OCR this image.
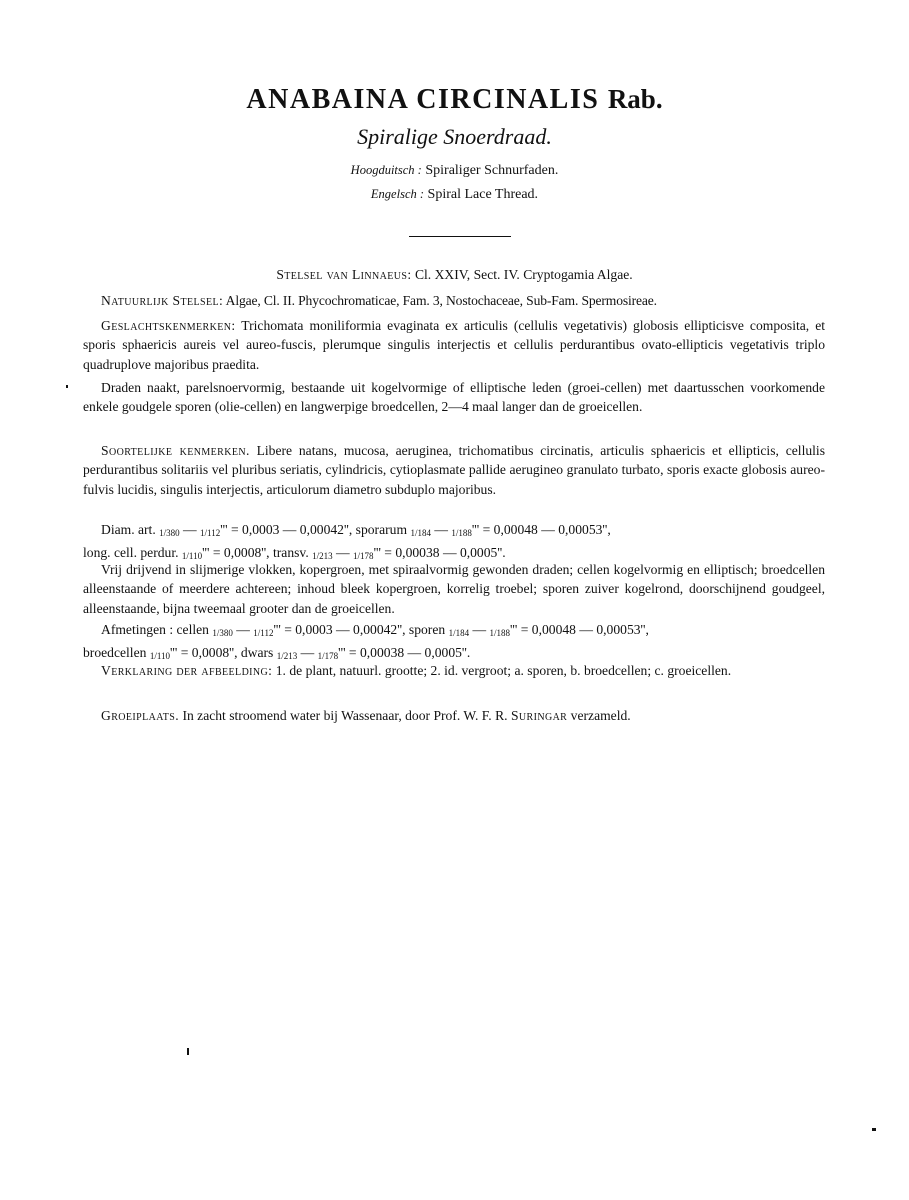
ANABAINA CIRCINALIS Rab.
Spiralige Snoerdraad.
Hoogduitsch : Spiraliger Schnurfaden.
Engelsch : Spiral Lace Thread.
Stelsel van Linnaeus: Cl. XXIV, Sect. IV. Cryptogamia Algae.

Natuurlijk Stelsel: Algae, Cl. II. Phycochromaticae, Fam. 3, Nostochaceae, Sub-Fam. Spermosireae.

Geslachtskenmerken: Trichomata moniliformia evaginata ex articulis (cellulis vegetativis) globosis ellipticisve composita, et sporis sphaericis aureis vel aureo-fuscis, plerumque singulis interjectis et cellulis perdurantibus ovato-ellipticis vegetativis triplo quadruplove majoribus praedita.

Draden naakt, parelsnoervormig, bestaande uit kogelvormige of elliptische leden (groei-cellen) met daartusschen voorkomende enkele goudgele sporen (olie-cellen) en langwerpige broedcellen, 2—4 maal langer dan de groeicellen.

Soortelijke kenmerken. Libere natans, mucosa, aeruginea, trichomatibus circinatis, articulis sphaericis et ellipticis, cellulis perdurantibus solitariis vel pluribus seriatis, cylindricis, cytioplasmate pallide aerugineo granulato turbato, sporis exacte globosis aureo-fulvis lucidis, singulis interjectis, articulorum diametro subduplo majoribus.

Diam. art. 1/380 — 1/112''' = 0,0003 — 0,00042'', sporarum 1/184 — 1/188''' = 0,00048 — 0,00053'',

long. cell. perdur. 1/110''' = 0,0008'', transv. 1/213 — 1/178''' = 0,00038 — 0,0005''.

Vrij drijvend in slijmerige vlokken, kopergroen, met spiraalvormig gewonden draden; cellen kogelvormig en elliptisch; broedcellen alleenstaande of meerdere achtereen; inhoud bleek kopergroen, korrelig troebel; sporen zuiver kogelrond, doorschijnend goudgeel, alleenstaande, bijna tweemaal grooter dan de groeicellen.

Afmetingen : cellen 1/380 — 1/112''' = 0,0003 — 0,00042'', sporen 1/184 — 1/188''' = 0,00048 — 0,00053'',

broedcellen 1/110''' = 0,0008'', dwars 1/213 — 1/178''' = 0,00038 — 0,0005''.

Verklaring der afbeelding: 1. de plant, natuurl. grootte; 2. id. vergroot; a. sporen, b. broedcellen; c. groeicellen.

Groeiplaats. In zacht stroomend water bij Wassenaar, door Prof. W. F. R. Suringar verzameld.
